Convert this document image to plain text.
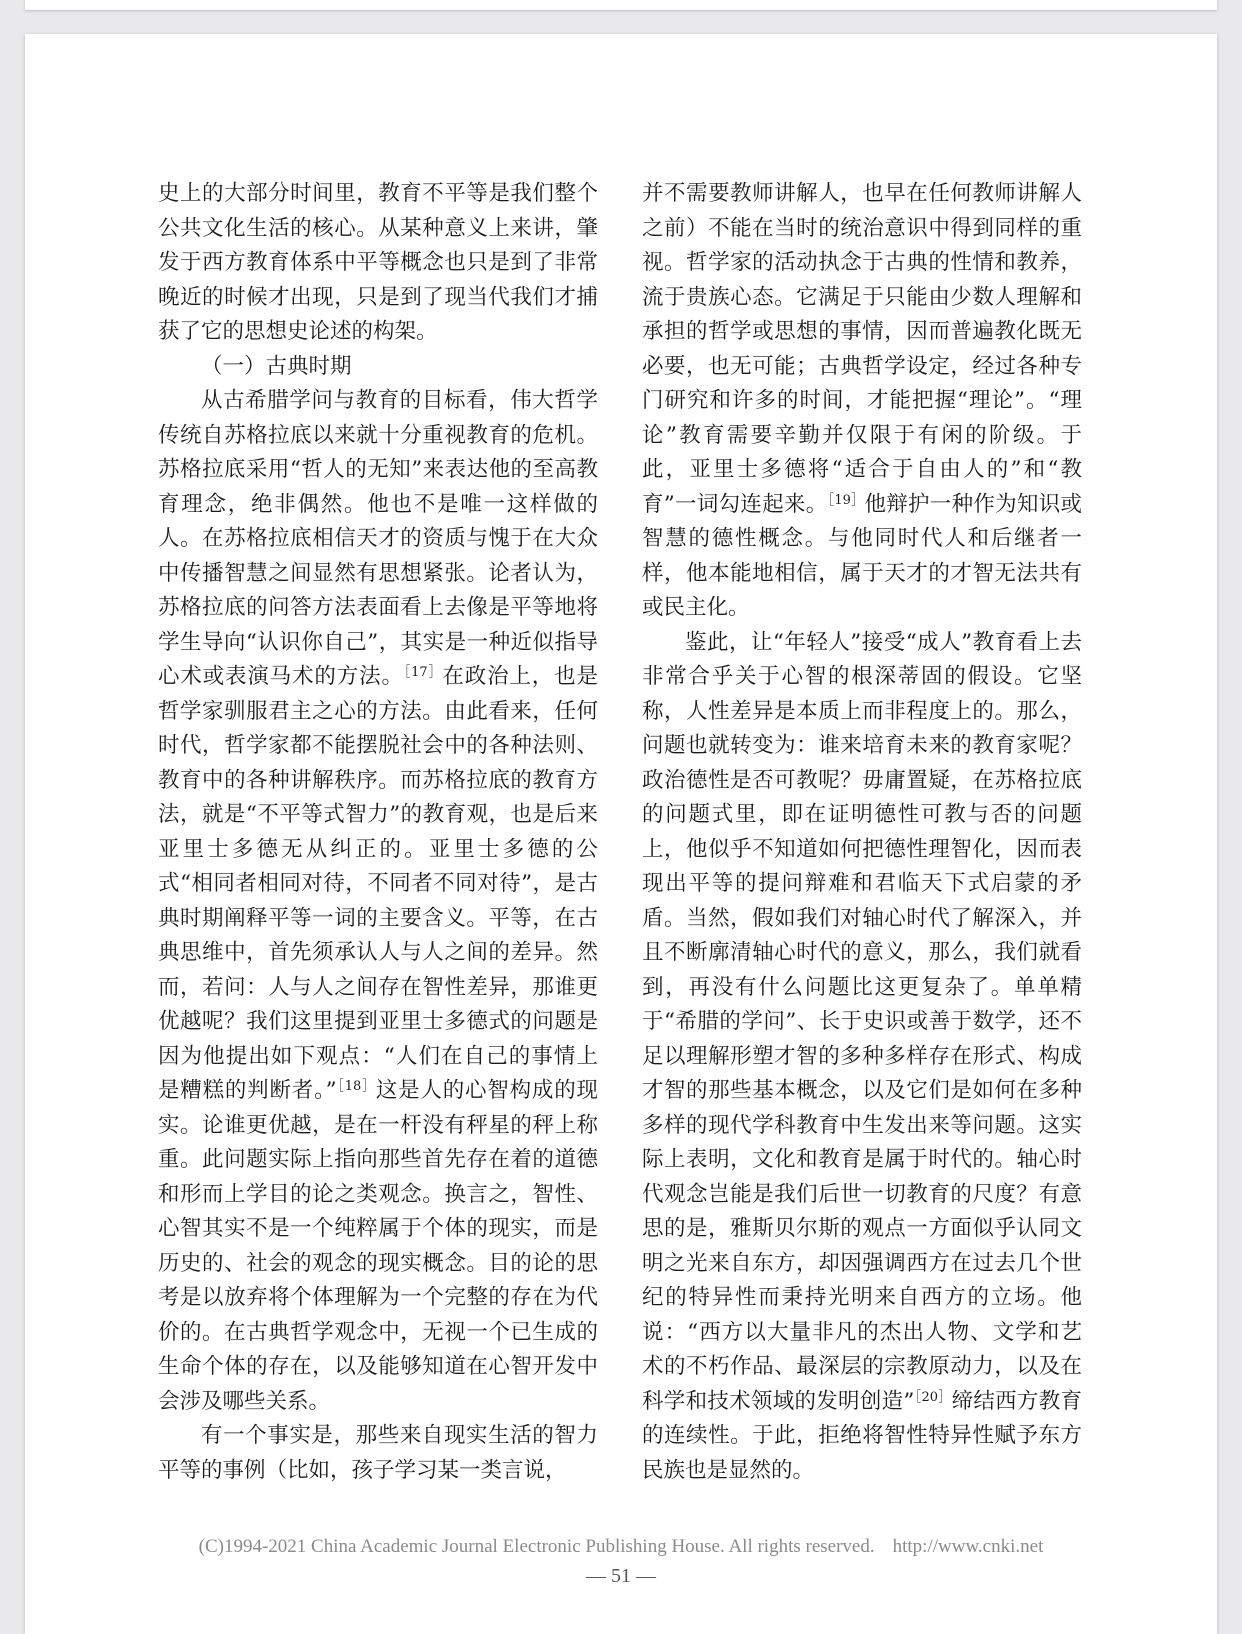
史上的大部分时间里，教育不平等是我们整个公共文化生活的核心。从某种意义上来讲，肇发于西方教育体系中平等概念也只是到了非常晚近的时候才出现，只是到了现当代我们才捕获了它的思想史论述的构架。

（一）古典时期

从古希腊学问与教育的目标看，伟大哲学传统自苏格拉底以来就十分重视教育的危机。苏格拉底采用“哲人的无知”来表达他的至高教育理念，绝非偶然。他也不是唯一这样做的人。在苏格拉底相信天才的资质与愧于在大众中传播智慧之间显然有思想紧张。论者认为，苏格拉底的问答方法表面看上去像是平等地将学生导向“认识你自己”，其实是一种近似指导心术或表演马术的方法。$^{[17]}$在政治上，也是哲学家驯服君主之心的方法。由此看来，任何时代，哲学家都不能摆脱社会中的各种法则、教育中的各种讲解秩序。而苏格拉底的教育方法，就是“不平等式智力”的教育观，也是后来亚里士多德无从纠正的。亚里士多德的公式“相同者相同对待，不同者不同对待”，是古典时期阐释平等一词的主要含义。平等，在古典思维中，首先须承认人与人之间的差异。然而，若问：人与人之间存在智性差异，那谁更优越呢？我们这里提到亚里士多德式的问题是因为他提出如下观点：“人们在自己的事情上是糟糕的判断者。”$^{[18]}$这是人的心智构成的现实。论谁更优越，是在一杆没有秤星的秤上称重。此问题实际上指向那些首先存在着的道德和形而上学目的论之类观念。换言之，智性、心智其实不是一个纯粹属于个体的现实，而是历史的、社会的观念的现实概念。目的论的思考是以放弃将个体理解为一个完整的存在为代价的。在古典哲学观念中，无视一个已生成的生命个体的存在，以及能够知道在心智开发中会涉及哪些关系。

有一个事实是，那些来自现实生活的智力平等的事例（比如，孩子学习某一类言说，

并不需要教师讲解人，也早在任何教师讲解人之前）不能在当时的统治意识中得到同样的重视。哲学家的活动执念于古典的性情和教养，流于贵族心态。它满足于只能由少数人理解和承担的哲学或思想的事情，因而普遍教化既无必要，也无可能；古典哲学设定，经过各种专门研究和许多的时间，才能把握“理论”。“理论”教育需要辛勤并仅限于有闲的阶级。于此，亚里士多德将“适合于自由人的”和“教育”一词勾连起来。$^{[19]}$他辩护一种作为知识或智慧的德性概念。与他同时代人和后继者一样，他本能地相信，属于天才的才智无法共有或民主化。

鉴此，让“年轻人”接受“成人”教育看上去非常合乎关于心智的根深蒂固的假设。它坚称，人性差异是本质上而非程度上的。那么，问题也就转变为：谁来培育未来的教育家呢？政治德性是否可教呢？毋庸置疑，在苏格拉底的问题式里，即在证明德性可教与否的问题上，他似乎不知道如何把德性理智化，因而表现出平等的提问辩难和君临天下式启蒙的矛盾。当然，假如我们对轴心时代了解深入，并且不断廓清轴心时代的意义，那么，我们就看到，再没有什么问题比这更复杂了。单单精于“希腊的学问”、长于史识或善于数学，还不足以理解形塑才智的多种多样存在形式、构成才智的那些基本概念，以及它们是如何在多种多样的现代学科教育中生发出来等问题。这实际上表明，文化和教育是属于时代的。轴心时代观念岂能是我们后世一切教育的尺度？有意思的是，雅斯贝尔斯的观点一方面似乎认同文明之光来自东方，却因强调西方在过去几个世纪的特异性而秉持光明来自西方的立场。他说：“西方以大量非凡的杰出人物、文学和艺术的不朽作品、最深层的宗教原动力，以及在科学和技术领域的发明创造”$^{[20]}$缔结西方教育的连续性。于此，拒绝将智性特异性赋予东方民族也是显然的。

(C)1994-2021 China Academic Journal Electronic Publishing House. All rights reserved. http://www.cnki.net
— 51 —
